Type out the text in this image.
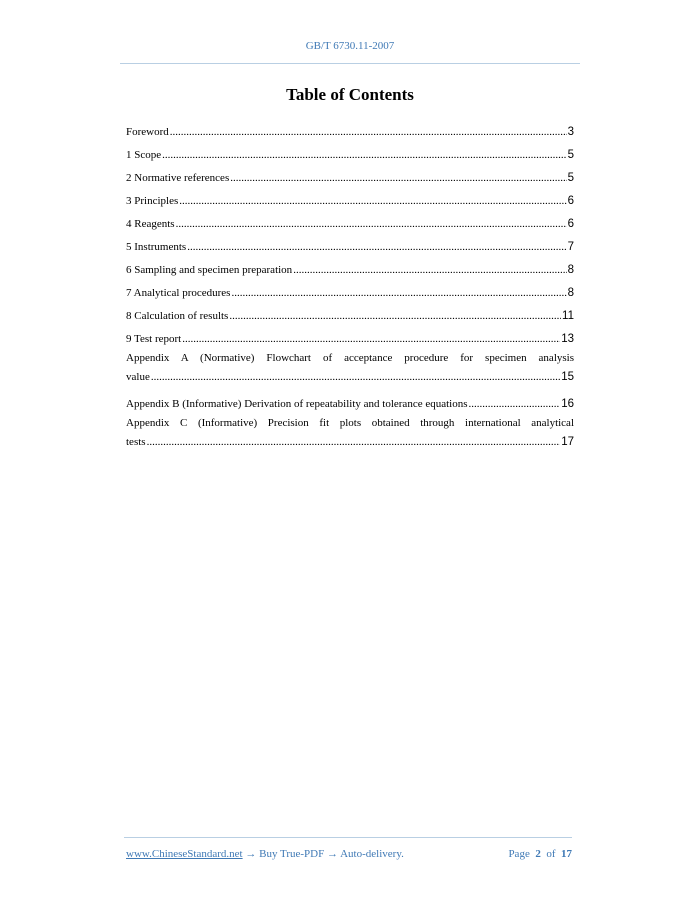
GB/T 6730.11-2007
Table of Contents
Foreword .....	3
1 Scope .....	5
2 Normative references .....	5
3 Principles .....	6
4 Reagents .....	6
5 Instruments .....	7
6 Sampling and specimen preparation .....	8
7 Analytical procedures .....	8
8 Calculation of results .....	11
9 Test report .....	13
Appendix A (Normative) Flowchart of acceptance procedure for specimen analysis
value .....	15
Appendix B (Informative) Derivation of repeatability and tolerance equations .....	16
Appendix C (Informative) Precision fit plots obtained through international analytical
tests .....	17
www.ChineseStandard.net → Buy True-PDF → Auto-delivery.	Page 2 of 17
